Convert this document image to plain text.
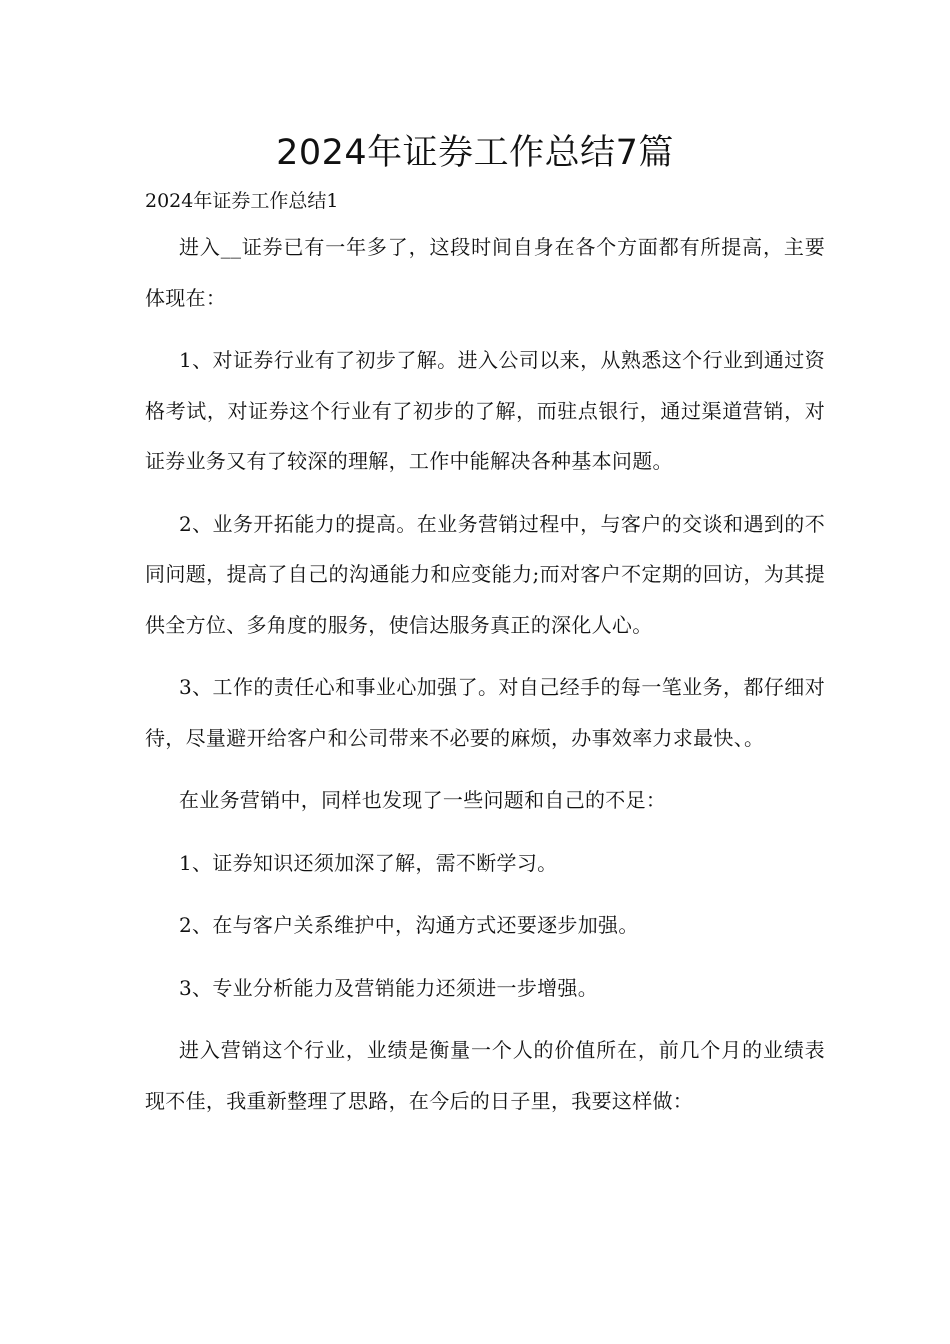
2024年证券工作总结7篇
2024年证券工作总结1

进入__证券已有一年多了，这段时间自身在各个方面都有所提高，主要体现在：

1、对证券行业有了初步了解。进入公司以来，从熟悉这个行业到通过资格考试，对证券这个行业有了初步的了解，而驻点银行，通过渠道营销，对证券业务又有了较深的理解，工作中能解决各种基本问题。

2、业务开拓能力的提高。在业务营销过程中，与客户的交谈和遇到的不同问题，提高了自己的沟通能力和应变能力;而对客户不定期的回访，为其提供全方位、多角度的服务，使信达服务真正的深化人心。

3、工作的责任心和事业心加强了。对自己经手的每一笔业务，都仔细对待，尽量避开给客户和公司带来不必要的麻烦，办事效率力求最快、。

在业务营销中，同样也发现了一些问题和自己的不足：

1、证券知识还须加深了解，需不断学习。

2、在与客户关系维护中，沟通方式还要逐步加强。

3、专业分析能力及营销能力还须进一步增强。

进入营销这个行业，业绩是衡量一个人的价值所在，前几个月的业绩表现不佳，我重新整理了思路，在今后的日子里，我要这样做：
